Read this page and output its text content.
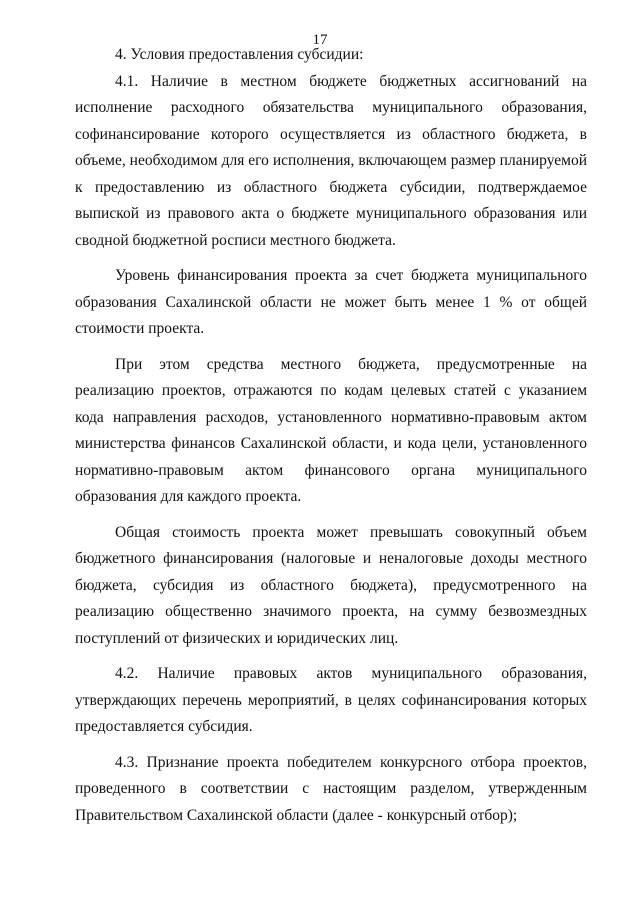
17

4. Условия предоставления субсидии:

4.1. Наличие в местном бюджете бюджетных ассигнований на исполнение расходного обязательства муниципального образования, софинансирование которого осуществляется из областного бюджета, в объеме, необходимом для его исполнения, включающем размер планируемой к предоставлению из областного бюджета субсидии, подтверждаемое выпиской из правового акта о бюджете муниципального образования или сводной бюджетной росписи местного бюджета.

Уровень финансирования проекта за счет бюджета муниципального образования Сахалинской области не может быть менее 1 % от общей стоимости проекта.

При этом средства местного бюджета, предусмотренные на реализацию проектов, отражаются по кодам целевых статей с указанием кода направления расходов, установленного нормативно-правовым актом министерства финансов Сахалинской области, и кода цели, установленного нормативно-правовым актом финансового органа муниципального образования для каждого проекта.

Общая стоимость проекта может превышать совокупный объем бюджетного финансирования (налоговые и неналоговые доходы местного бюджета, субсидия из областного бюджета), предусмотренного на реализацию общественно значимого проекта, на сумму безвозмездных поступлений от физических и юридических лиц.

4.2. Наличие правовых актов муниципального образования, утверждающих перечень мероприятий, в целях софинансирования которых предоставляется субсидия.

4.3. Признание проекта победителем конкурсного отбора проектов, проведенного в соответствии с настоящим разделом, утвержденным Правительством Сахалинской области (далее - конкурсный отбор);
